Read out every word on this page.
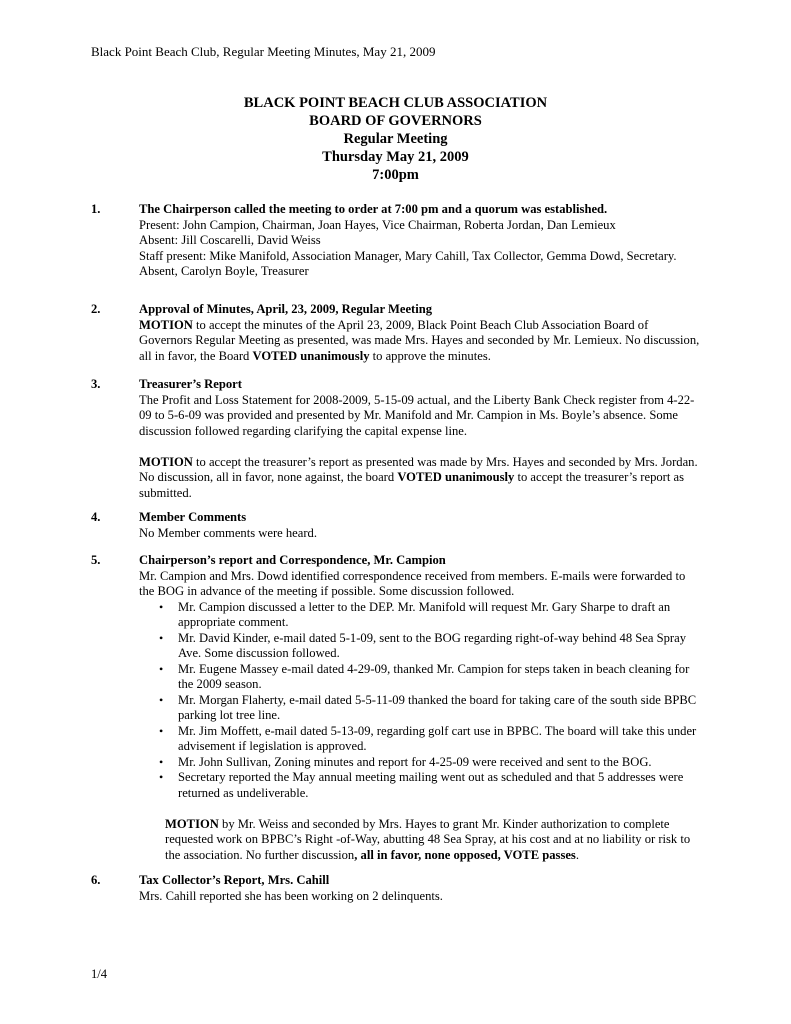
Black Point Beach Club, Regular Meeting Minutes, May 21, 2009
BLACK POINT BEACH CLUB ASSOCIATION
BOARD OF GOVERNORS
Regular Meeting
Thursday May 21, 2009
7:00pm
1.	The Chairperson called the meeting to order at 7:00 pm and a quorum was established.
Present: John Campion, Chairman, Joan Hayes, Vice Chairman, Roberta Jordan, Dan Lemieux
Absent: Jill Coscarelli, David Weiss
Staff present: Mike Manifold, Association Manager, Mary Cahill, Tax Collector, Gemma Dowd, Secretary.
Absent, Carolyn Boyle, Treasurer
2.	Approval of Minutes, April, 23, 2009, Regular Meeting
MOTION to accept the minutes of the April 23, 2009, Black Point Beach Club Association Board of Governors Regular Meeting as presented, was made Mrs. Hayes and seconded by Mr. Lemieux. No discussion, all in favor, the Board VOTED unanimously to approve the minutes.
3.	Treasurer’s Report
The Profit and Loss Statement for 2008-2009, 5-15-09 actual, and the Liberty Bank Check register from 4-22-09 to 5-6-09 was provided and presented by Mr. Manifold and Mr. Campion in Ms. Boyle’s absence. Some discussion followed regarding clarifying the capital expense line.
MOTION to accept the treasurer’s report as presented was made by Mrs. Hayes and seconded by Mrs. Jordan. No discussion, all in favor, none against, the board VOTED unanimously to accept the treasurer’s report as submitted.
4.	Member Comments
No Member comments were heard.
5.	Chairperson’s report and Correspondence, Mr. Campion
Mr. Campion and Mrs. Dowd identified correspondence received from members. E-mails were forwarded to the BOG in advance of the meeting if possible. Some discussion followed.
• Mr. Campion discussed a letter to the DEP. Mr. Manifold will request Mr. Gary Sharpe to draft an appropriate comment.
• Mr. David Kinder, e-mail dated 5-1-09, sent to the BOG regarding right-of-way behind 48 Sea Spray Ave. Some discussion followed.
• Mr. Eugene Massey e-mail dated 4-29-09, thanked Mr. Campion for steps taken in beach cleaning for the 2009 season.
• Mr. Morgan Flaherty, e-mail dated 5-5-11-09 thanked the board for taking care of the south side BPBC parking lot tree line.
• Mr. Jim Moffett, e-mail dated 5-13-09, regarding golf cart use in BPBC. The board will take this under advisement if legislation is approved.
• Mr. John Sullivan, Zoning minutes and report for 4-25-09 were received and sent to the BOG.
• Secretary reported the May annual meeting mailing went out as scheduled and that 5 addresses were returned as undeliverable.
MOTION by Mr. Weiss and seconded by Mrs. Hayes to grant Mr. Kinder authorization to complete requested work on BPBC’s Right -of-Way, abutting 48 Sea Spray, at his cost and at no liability or risk to the association. No further discussion, all in favor, none opposed, VOTE passes.
6.	Tax Collector’s Report, Mrs. Cahill
Mrs. Cahill reported she has been working on 2 delinquents.
1/4
